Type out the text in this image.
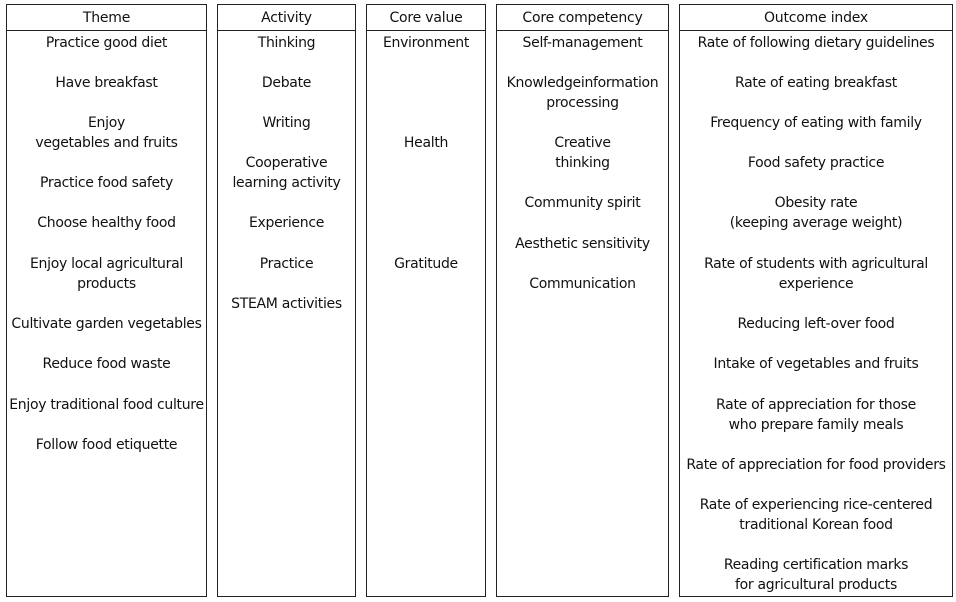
Theme
Practice good diet
Have breakfast
Enjoy
vegetables and fruits
Practice food safety
Choose healthy food
Enjoy local agricultural
products
Cultivate garden vegetables
Reduce food waste
Enjoy traditional food culture
Follow food etiquette
Activity
Thinking
Debate
Writing
Cooperative
learning activity
Experience
Practice
STEAM activities
Core value
Environment
Health
Gratitude
Core competency
Self-management
Knowledgeinformation
processing
Creative
thinking
Community spirit
Aesthetic sensitivity
Communication
Outcome index
Rate of following dietary guidelines
Rate of eating breakfast
Frequency of eating with family
Food safety practice
Obesity rate
(keeping average weight)
Rate of students with agricultural
experience
Reducing left-over food
Intake of vegetables and fruits
Rate of appreciation for those
who prepare family meals
Rate of appreciation for food providers
Rate of experiencing rice-centered
traditional Korean food
Reading certification marks
for agricultural products
